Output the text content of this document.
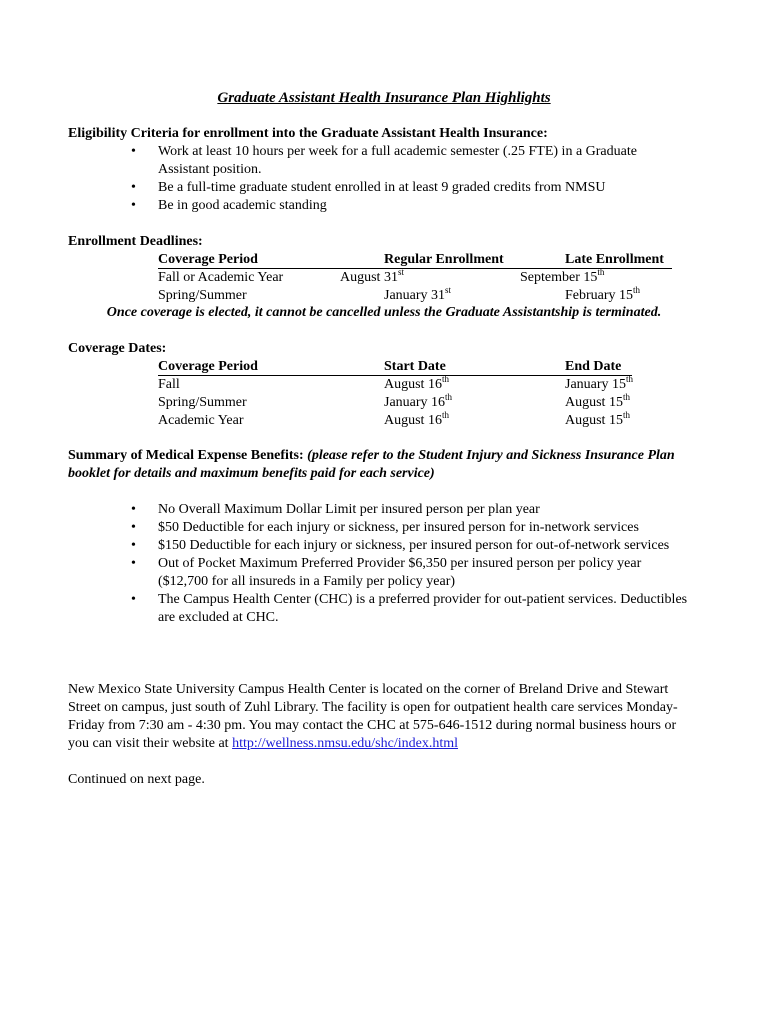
Graduate Assistant Health Insurance Plan Highlights
Eligibility Criteria for enrollment into the Graduate Assistant Health Insurance:
• Work at least 10 hours per week for a full academic semester (.25 FTE) in a Graduate Assistant position.
• Be a full-time graduate student enrolled in at least 9 graded credits from NMSU
• Be in good academic standing
Enrollment Deadlines:
Coverage Period	Regular Enrollment	Late Enrollment
Fall or Academic Year	August 31st	September 15th
Spring/Summer	January 31st	February 15th
Once coverage is elected, it cannot be cancelled unless the Graduate Assistantship is terminated.
Coverage Dates:
Coverage Period	Start Date	End Date
Fall	August 16th	January 15th
Spring/Summer	January 16th	August 15th
Academic Year	August 16th	August 15th
Summary of Medical Expense Benefits: (please refer to the Student Injury and Sickness Insurance Plan booklet for details and maximum benefits paid for each service)
• No Overall Maximum Dollar Limit per insured person per plan year
• $50 Deductible for each injury or sickness, per insured person for in-network services
• $150 Deductible for each injury or sickness, per insured person for out-of-network services
• Out of Pocket Maximum Preferred Provider $6,350 per insured person per policy year ($12,700 for all insureds in a Family per policy year)
• The Campus Health Center (CHC) is a preferred provider for out-patient services. Deductibles are excluded at CHC.
New Mexico State University Campus Health Center is located on the corner of Breland Drive and Stewart Street on campus, just south of Zuhl Library. The facility is open for outpatient health care services Monday-Friday from 7:30 am - 4:30 pm. You may contact the CHC at 575-646-1512 during normal business hours or you can visit their website at http://wellness.nmsu.edu/shc/index.html
Continued on next page.
